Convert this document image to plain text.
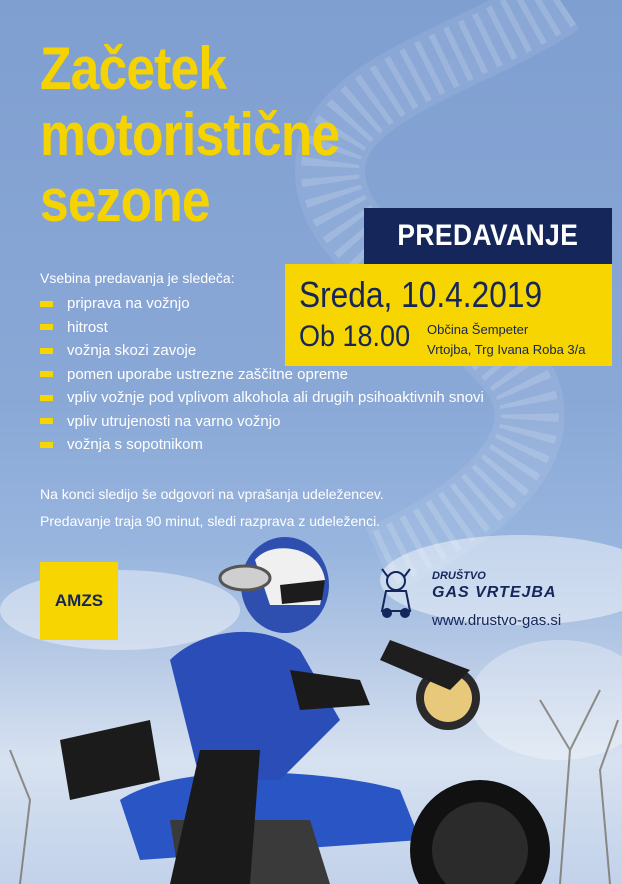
Začetek
motoristične
sezone
PREDAVANJE
Sreda, 10.4.2019
Ob 18.00 Občina Šempeter
Vrtojba, Trg Ivana Roba 3/a

Vsebina predavanja je sledeča:

priprava na vožnjo
hitrost
vožnja skozi zavoje
pomen uporabe ustrezne zaščitne opreme
vpliv vožnje pod vplivom alkohola ali drugih psihoaktivnih snovi
vpliv utrujenosti na varno vožnjo
vožnja s sopotnikom
Na konci sledijo še odgovori na vprašanja udeležencev.
Predavanje traja 90 minut, sledi razprava z udeleženci.
AMZS
DRUŠTVO
GAS VRTEJBA
www.drustvo-gas.si
